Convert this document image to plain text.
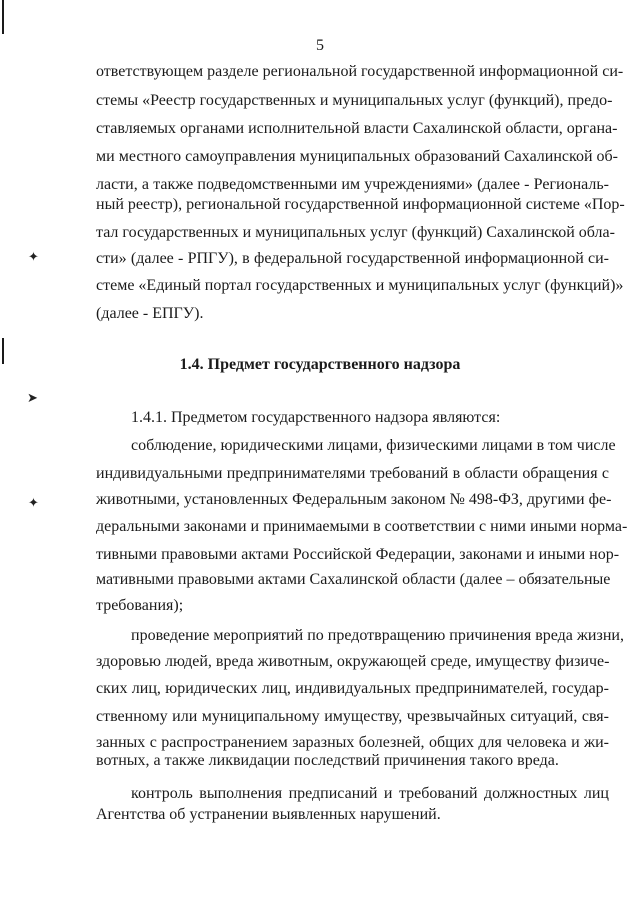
✦
➤
✦
5
ответствующем разделе региональной государственной информационной си-
стемы «Реестр государственных и муниципальных услуг (функций), предо-
ставляемых органами исполнительной власти Сахалинской области, органа-
ми местного самоуправления муниципальных образований Сахалинской об-
ласти, а также подведомственными им учреждениями» (далее - Региональ-
ный реестр), региональной государственной информационной системе «Пор-
тал государственных и муниципальных услуг (функций) Сахалинской обла-
сти» (далее - РПГУ), в федеральной государственной информационной си-
стеме «Единый портал государственных и муниципальных услуг (функций)»
(далее - ЕПГУ).
1.4. Предмет государственного надзора
1.4.1. Предметом государственного надзора являются:
соблюдение, юридическими лицами, физическими лицами в том числе
индивидуальными предпринимателями требований в области обращения с
животными, установленных Федеральным законом № 498-ФЗ, другими фе-
деральными законами и принимаемыми в соответствии с ними иными норма-
тивными правовыми актами Российской Федерации, законами и иными нор-
мативными правовыми актами Сахалинской области (далее – обязательные
требования);
проведение мероприятий по предотвращению причинения вреда жизни,
здоровью людей, вреда животным, окружающей среде, имуществу физиче-
ских лиц, юридических лиц, индивидуальных предпринимателей, государ-
ственному или муниципальному имуществу, чрезвычайных ситуаций, свя-
занных с распространением заразных болезней, общих для человека и жи-
вотных, а также ликвидации последствий причинения такого вреда.
контроль выполнения предписаний и требований должностных лиц
Агентства об устранении выявленных нарушений.
